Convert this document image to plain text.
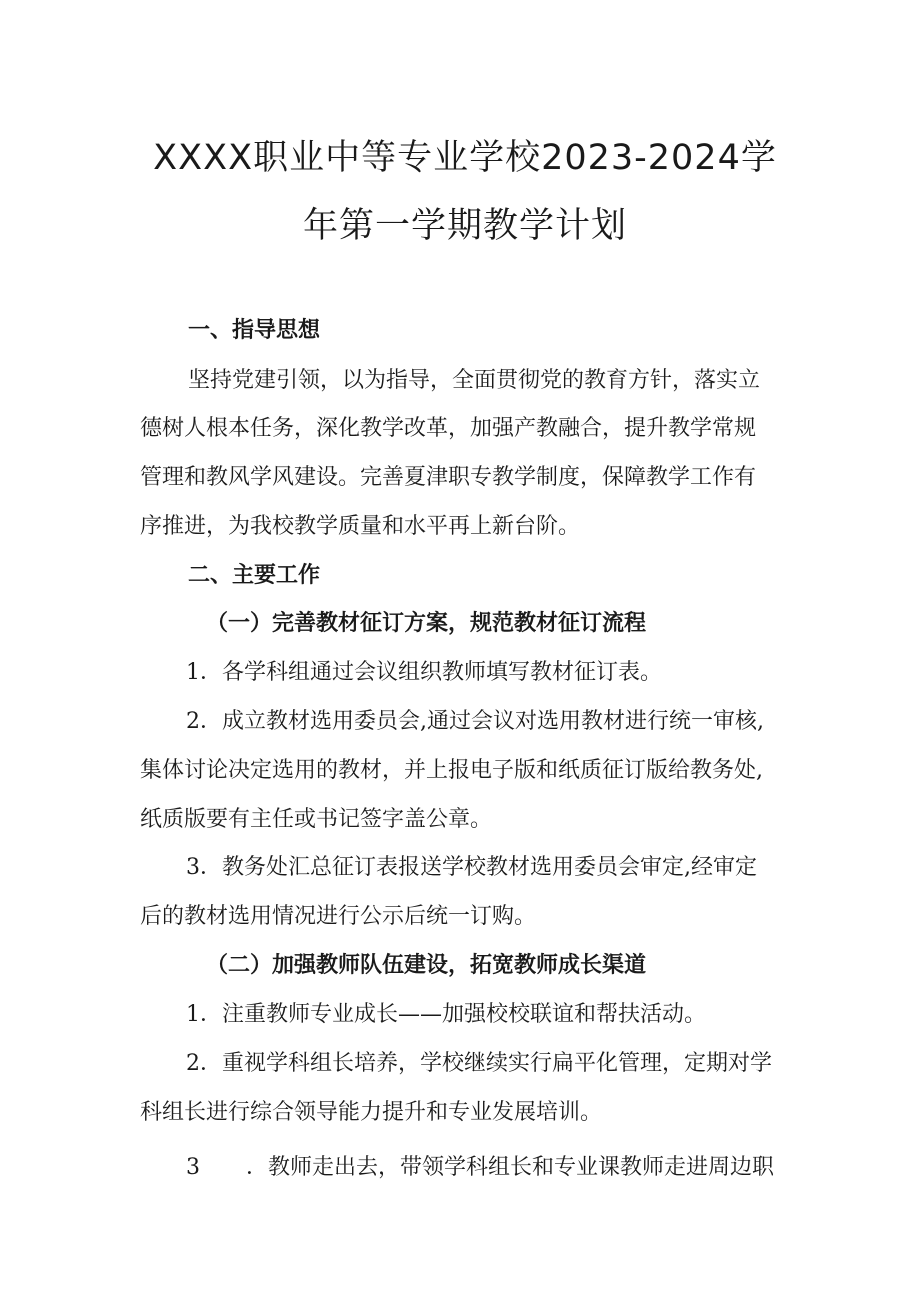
XXXX职业中等专业学校2023-2024学
年第一学期教学计划

一、指导思想

坚持党建引领，以为指导，全面贯彻党的教育方针，落实立

德树人根本任务，深化教学改革，加强产教融合，提升教学常规

管理和教风学风建设。完善夏津职专教学制度，保障教学工作有

序推进，为我校教学质量和水平再上新台阶。

二、主要工作

（一）完善教材征订方案，规范教材征订流程

1．各学科组通过会议组织教师填写教材征订表。

2．成立教材选用委员会,通过会议对选用教材进行统一审核,

集体讨论决定选用的教材，并上报电子版和纸质征订版给教务处,

纸质版要有主任或书记签字盖公章。

3．教务处汇总征订表报送学校教材选用委员会审定,经审定

后的教材选用情况进行公示后统一订购。

（二）加强教师队伍建设，拓宽教师成长渠道

1．注重教师专业成长——加强校校联谊和帮扶活动。

2．重视学科组长培养，学校继续实行扁平化管理，定期对学

科组长进行综合领导能力提升和专业发展培训。

3 ．教师走出去，带领学科组长和专业课教师走进周边职
